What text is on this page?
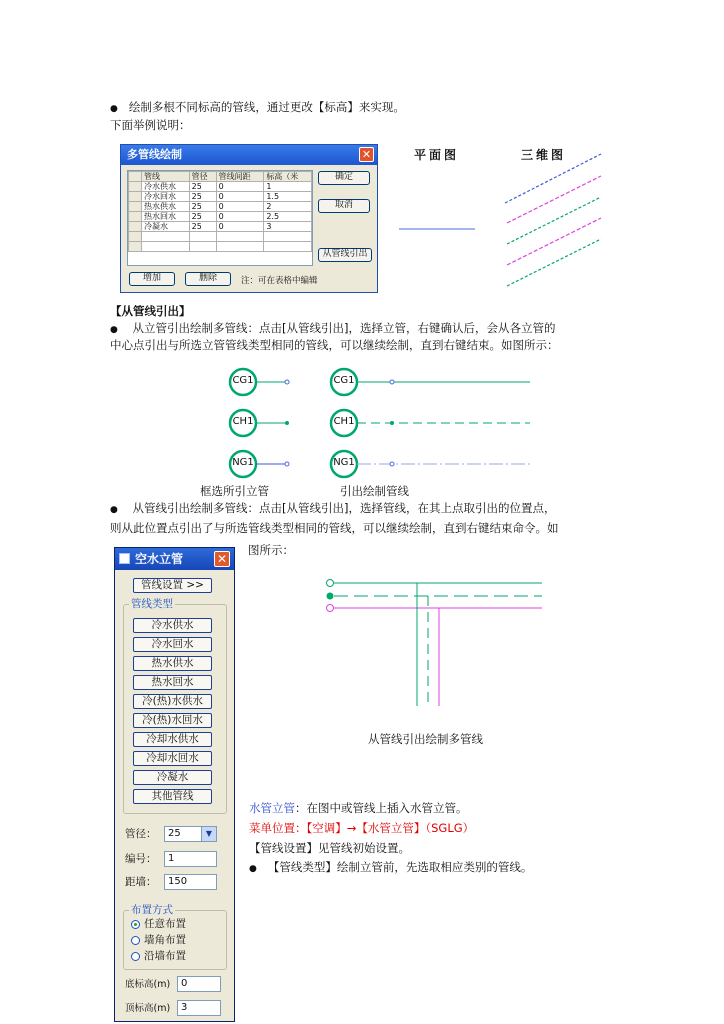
● 绘制多根不同标高的管线，通过更改【标高】来实现。
下面举例说明：
多管线绘制	✕
	管线	管径	管线间距	标高（米
	冷水供水	25	0	1
	冷水回水	25	0	1.5
	热水供水	25	0	2
	热水回水	25	0	2.5
	冷凝水	25	0	3

确定
取消
从管线引出
增加	删除	注：可在表格中编辑
平面图	三维图
【从管线引出】
● 从立管引出绘制多管线：点击[从管线引出]，选择立管，右键确认后，会从各立管的
中心点引出与所选立管管线类型相同的管线，可以继续绘制，直到右键结束。如图所示：
CG1
CH1
NG1
CG1
CH1
NG1
框选所引立管	引出绘制管线
● 从管线引出绘制多管线：点击[从管线引出]，选择管线，在其上点取引出的位置点，
则从此位置点引出了与所选管线类型相同的管线，可以继续绘制，直到右键结束命令。如
图所示：
空水立管	✕
管线设置 >>
管线类型
冷水供水
冷水回水
热水供水
热水回水
冷(热)水供水
冷(热)水回水
冷却水供水
冷却水回水
冷凝水
其他管线
管径：	25	▼
编号：	1
距墙：	150
布置方式
任意布置
墙角布置
沿墙布置
底标高(m)	0
顶标高(m)	3
从管线引出绘制多管线
水管立管：在图中或管线上插入水管立管。
菜单位置：【空调】→【水管立管】（SGLG）
【管线设置】见管线初始设置。
● 【管线类型】绘制立管前，先选取相应类别的管线。
